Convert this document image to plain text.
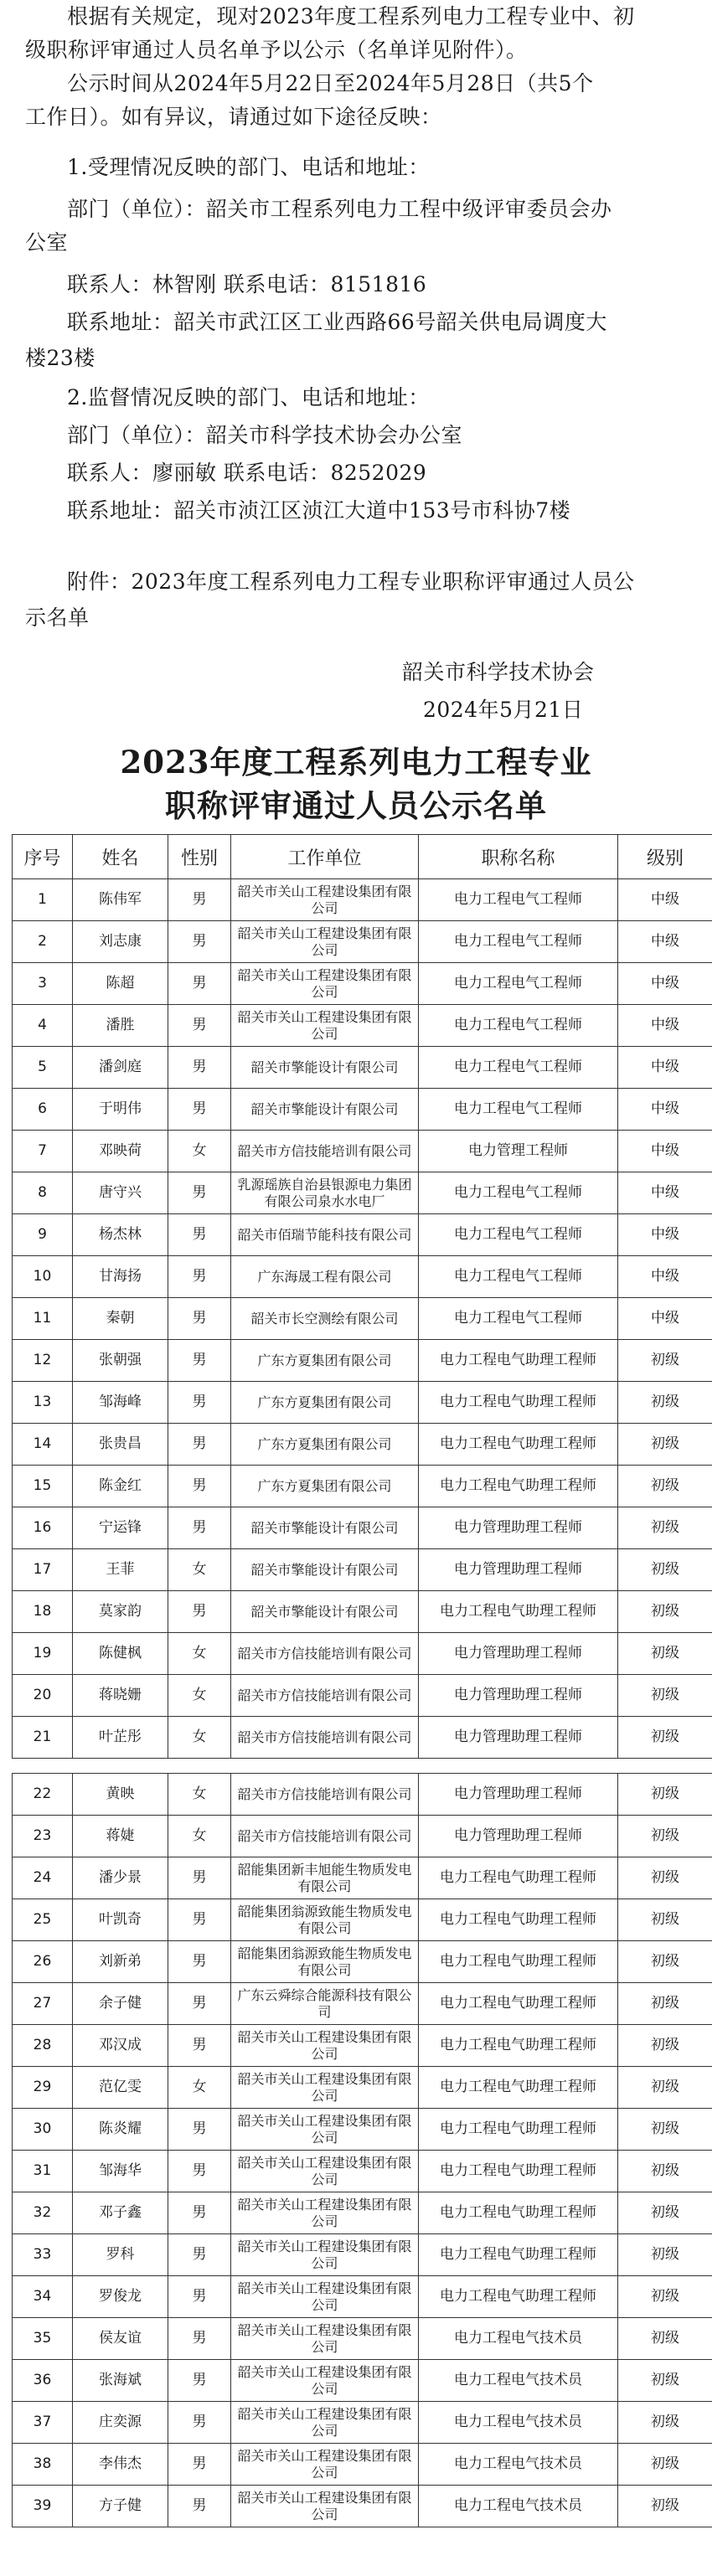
根据有关规定，现对2023年度工程系列电力工程专业中、初
级职称评审通过人员名单予以公示（名单详见附件）。
公示时间从2024年5月22日至2024年5月28日（共5个
工作日）。如有异议，请通过如下途径反映：
1.受理情况反映的部门、电话和地址：
部门（单位）：韶关市工程系列电力工程中级评审委员会办
公室
联系人：林智刚 联系电话：8151816
联系地址：韶关市武江区工业西路66号韶关供电局调度大
楼23楼
2.监督情况反映的部门、电话和地址：
部门（单位）：韶关市科学技术协会办公室
联系人：廖丽敏 联系电话：8252029
联系地址：韶关市浈江区浈江大道中153号市科协7楼
附件：2023年度工程系列电力工程专业职称评审通过人员公
示名单
韶关市科学技术协会
2024年5月21日
2023年度工程系列电力工程专业
职称评审通过人员公示名单
序号	姓名	性别	工作单位	职称名称	级别
1	陈伟军	男	韶关市关山工程建设集团有限公司	电力工程电气工程师	中级
2	刘志康	男	韶关市关山工程建设集团有限公司	电力工程电气工程师	中级
3	陈超	男	韶关市关山工程建设集团有限公司	电力工程电气工程师	中级
4	潘胜	男	韶关市关山工程建设集团有限公司	电力工程电气工程师	中级
5	潘剑庭	男	韶关市擎能设计有限公司	电力工程电气工程师	中级
6	于明伟	男	韶关市擎能设计有限公司	电力工程电气工程师	中级
7	邓映荷	女	韶关市方信技能培训有限公司	电力管理工程师	中级
8	唐守兴	男	乳源瑶族自治县银源电力集团有限公司泉水水电厂	电力工程电气工程师	中级
9	杨杰林	男	韶关市佰瑞节能科技有限公司	电力工程电气工程师	中级
10	甘海扬	男	广东海晟工程有限公司	电力工程电气工程师	中级
11	秦朝	男	韶关市长空测绘有限公司	电力工程电气工程师	中级
12	张朝强	男	广东方夏集团有限公司	电力工程电气助理工程师	初级
13	邹海峰	男	广东方夏集团有限公司	电力工程电气助理工程师	初级
14	张贵昌	男	广东方夏集团有限公司	电力工程电气助理工程师	初级
15	陈金红	男	广东方夏集团有限公司	电力工程电气助理工程师	初级
16	宁运锋	男	韶关市擎能设计有限公司	电力管理助理工程师	初级
17	王菲	女	韶关市擎能设计有限公司	电力管理助理工程师	初级
18	莫家韵	男	韶关市擎能设计有限公司	电力工程电气助理工程师	初级
19	陈健枫	女	韶关市方信技能培训有限公司	电力管理助理工程师	初级
20	蒋晓姗	女	韶关市方信技能培训有限公司	电力管理助理工程师	初级
21	叶芷彤	女	韶关市方信技能培训有限公司	电力管理助理工程师	初级
22	黄映	女	韶关市方信技能培训有限公司	电力管理助理工程师	初级
23	蒋婕	女	韶关市方信技能培训有限公司	电力管理助理工程师	初级
24	潘少景	男	韶能集团新丰旭能生物质发电有限公司	电力工程电气助理工程师	初级
25	叶凯奇	男	韶能集团翁源致能生物质发电有限公司	电力工程电气助理工程师	初级
26	刘新弟	男	韶能集团翁源致能生物质发电有限公司	电力工程电气助理工程师	初级
27	余子健	男	广东云舜综合能源科技有限公司	电力工程电气助理工程师	初级
28	邓汉成	男	韶关市关山工程建设集团有限公司	电力工程电气助理工程师	初级
29	范亿雯	女	韶关市关山工程建设集团有限公司	电力工程电气助理工程师	初级
30	陈炎耀	男	韶关市关山工程建设集团有限公司	电力工程电气助理工程师	初级
31	邹海华	男	韶关市关山工程建设集团有限公司	电力工程电气助理工程师	初级
32	邓子鑫	男	韶关市关山工程建设集团有限公司	电力工程电气助理工程师	初级
33	罗科	男	韶关市关山工程建设集团有限公司	电力工程电气助理工程师	初级
34	罗俊龙	男	韶关市关山工程建设集团有限公司	电力工程电气助理工程师	初级
35	侯友谊	男	韶关市关山工程建设集团有限公司	电力工程电气技术员	初级
36	张海斌	男	韶关市关山工程建设集团有限公司	电力工程电气技术员	初级
37	庄奕源	男	韶关市关山工程建设集团有限公司	电力工程电气技术员	初级
38	李伟杰	男	韶关市关山工程建设集团有限公司	电力工程电气技术员	初级
39	方子健	男	韶关市关山工程建设集团有限公司	电力工程电气技术员	初级
